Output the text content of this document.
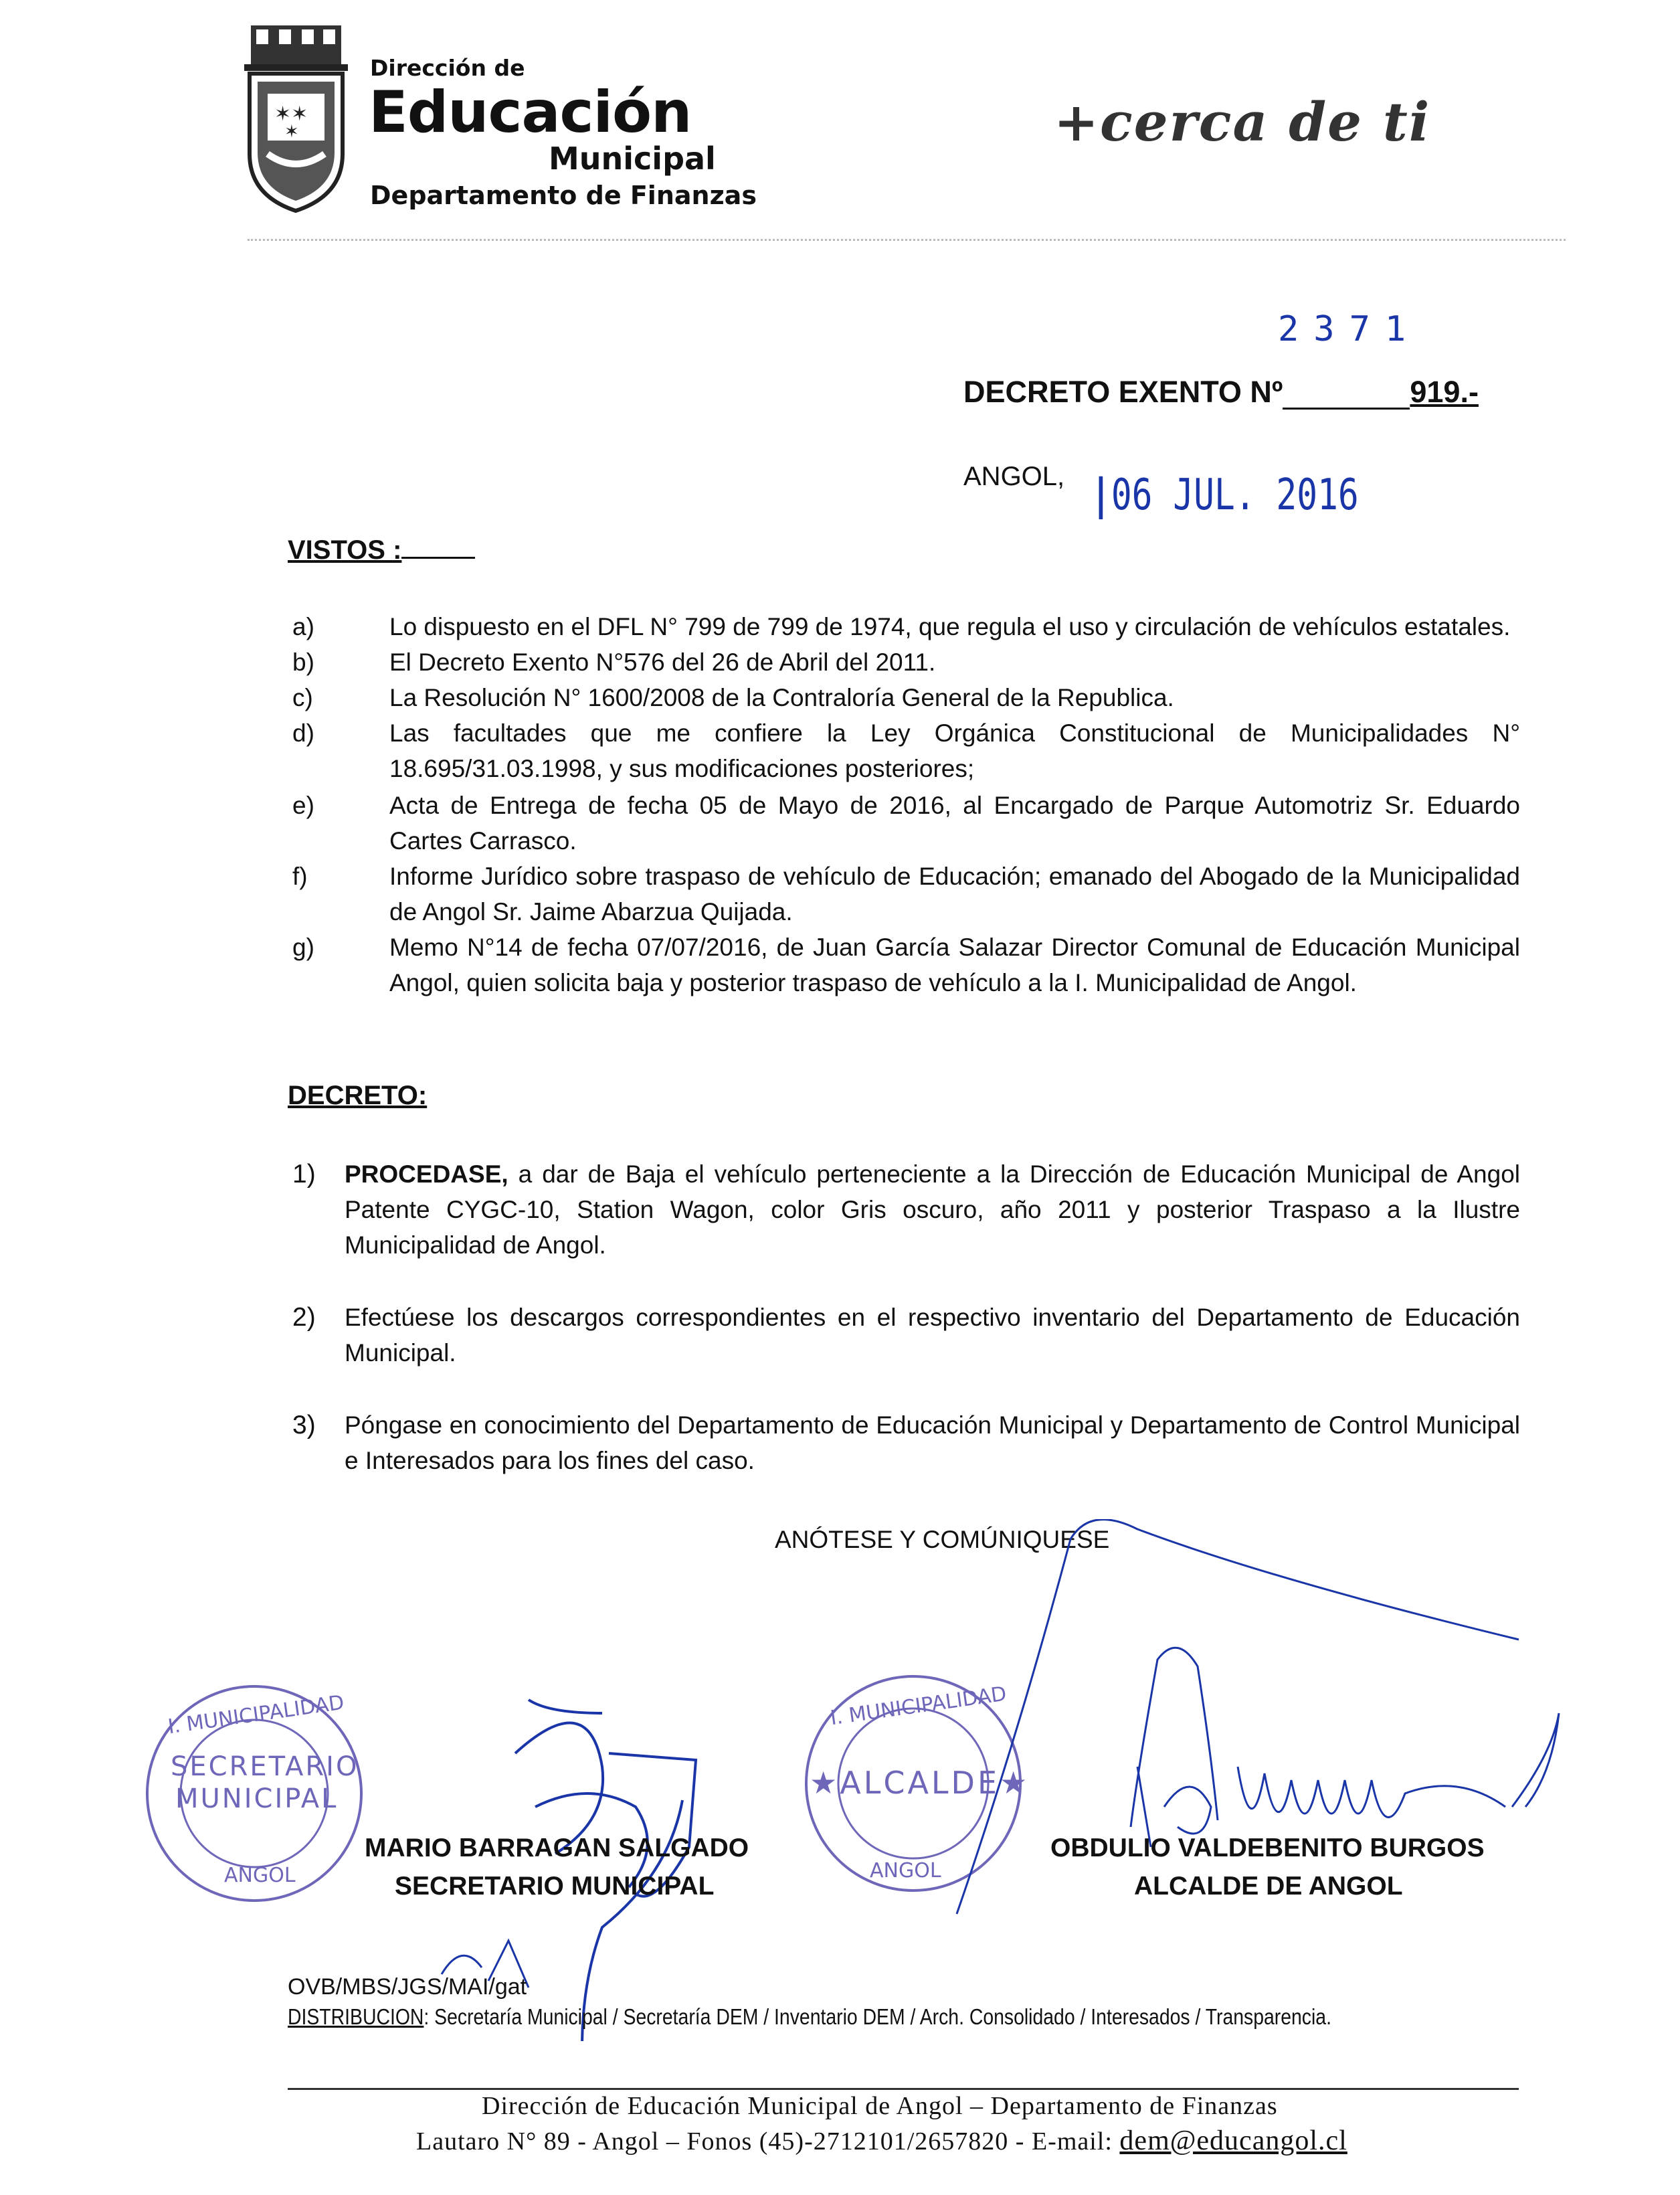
✶✶
✶
Dirección de
Educación
Municipal
Departamento de Finanzas
+cerca de ti
2371
DECRETO EXENTO Nº	919.-
ANGOL, |06 JUL. 2016
VISTOS :
a)	Lo dispuesto en el DFL N° 799 de 799 de 1974, que regula el uso y circulación de vehículos estatales.
b)	El Decreto Exento N°576 del 26 de Abril del 2011.
c)	La Resolución N° 1600/2008 de la Contraloría General de la Republica.
d)	Las facultades que me confiere la Ley Orgánica Constitucional de Municipalidades N° 18.695/31.03.1998, y sus modificaciones posteriores;
e)	Acta de Entrega de fecha 05 de Mayo de 2016, al Encargado de Parque Automotriz Sr. Eduardo Cartes Carrasco.
f)	Informe Jurídico sobre traspaso de vehículo de Educación; emanado del Abogado de la Municipalidad de Angol Sr. Jaime Abarzua Quijada.
g)	Memo N°14 de fecha 07/07/2016, de Juan García Salazar Director Comunal de Educación Municipal Angol, quien solicita baja y posterior traspaso de vehículo a la I. Municipalidad de Angol.
DECRETO:
1)	PROCEDASE, a dar de Baja el vehículo perteneciente a la Dirección de Educación Municipal de Angol Patente CYGC-10, Station Wagon, color Gris oscuro, año 2011 y posterior Traspaso a la Ilustre Municipalidad de Angol.
2)	Efectúese los descargos correspondientes en el respectivo inventario del Departamento de Educación Municipal.
3)	Póngase en conocimiento del Departamento de Educación Municipal y Departamento de Control Municipal e Interesados para los fines del caso.
ANÓTESE Y COMÚNIQUESE
I. MUNICIPALIDAD
SECRETARIO
MUNICIPAL
ANGOL
I. MUNICIPALIDAD
★ALCALDE★
ANGOL
MARIO BARRAGAN SALGADO
SECRETARIO MUNICIPAL
OBDULIO VALDEBENITO BURGOS
ALCALDE DE ANGOL
OVB/MBS/JGS/MAI/gat
DISTRIBUCION: Secretaría Municipal / Secretaría DEM / Inventario DEM / Arch. Consolidado / Interesados / Transparencia.
Dirección de Educación Municipal de Angol – Departamento de Finanzas
Lautaro N° 89 - Angol – Fonos (45)-2712101/2657820 - E-mail: dem@educangol.cl
